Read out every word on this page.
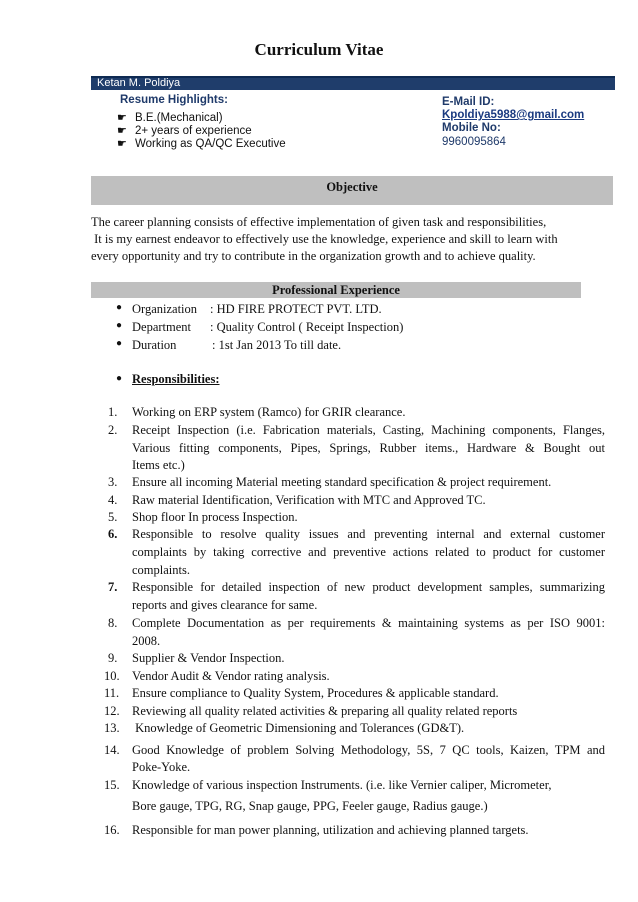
Curriculum Vitae
Ketan M. Poldiya
Resume Highlights:
☛ B.E.(Mechanical)
☛ 2+ years of experience
☛ Working as QA/QC Executive
E-Mail ID:
Kpoldiya5988@gmail.com
Mobile No:
9960095864
Objective
The career planning consists of effective implementation of given task and responsibilities,
It is my earnest endeavor to effectively use the knowledge, experience and skill to learn with
every opportunity and try to contribute in the organization growth and to achieve quality.
Professional Experience
● Organization : HD FIRE PROTECT PVT. LTD.
● Department : Quality Control ( Receipt Inspection)
● Duration	: 1st Jan 2013 To till date.
● Responsibilities:
1. Working on ERP system (Ramco) for GRIR clearance.
2. Receipt Inspection (i.e. Fabrication materials, Casting, Machining components, Flanges,
Various fitting components, Pipes, Springs, Rubber items., Hardware & Bought out
Items etc.)
3. Ensure all incoming Material meeting standard specification & project requirement.
4. Raw material Identification, Verification with MTC and Approved TC.
5. Shop floor In process Inspection.
6. Responsible to resolve quality issues and preventing internal and external customer
complaints by taking corrective and preventive actions related to product for customer
complaints.
7. Responsible for detailed inspection of new product development samples, summarizing
reports and gives clearance for same.
8. Complete Documentation as per requirements & maintaining systems as per ISO 9001:
2008.
9. Supplier & Vendor Inspection.
10. Vendor Audit & Vendor rating analysis.
11. Ensure compliance to Quality System, Procedures & applicable standard.
12. Reviewing all quality related activities & preparing all quality related reports
13. Knowledge of Geometric Dimensioning and Tolerances (GD&T).
14. Good Knowledge of problem Solving Methodology, 5S, 7 QC tools, Kaizen, TPM and
Poke-Yoke.
15. Knowledge of various inspection Instruments. (i.e. like Vernier caliper, Micrometer,
Bore gauge, TPG, RG, Snap gauge, PPG, Feeler gauge, Radius gauge.)
16. Responsible for man power planning, utilization and achieving planned targets.
